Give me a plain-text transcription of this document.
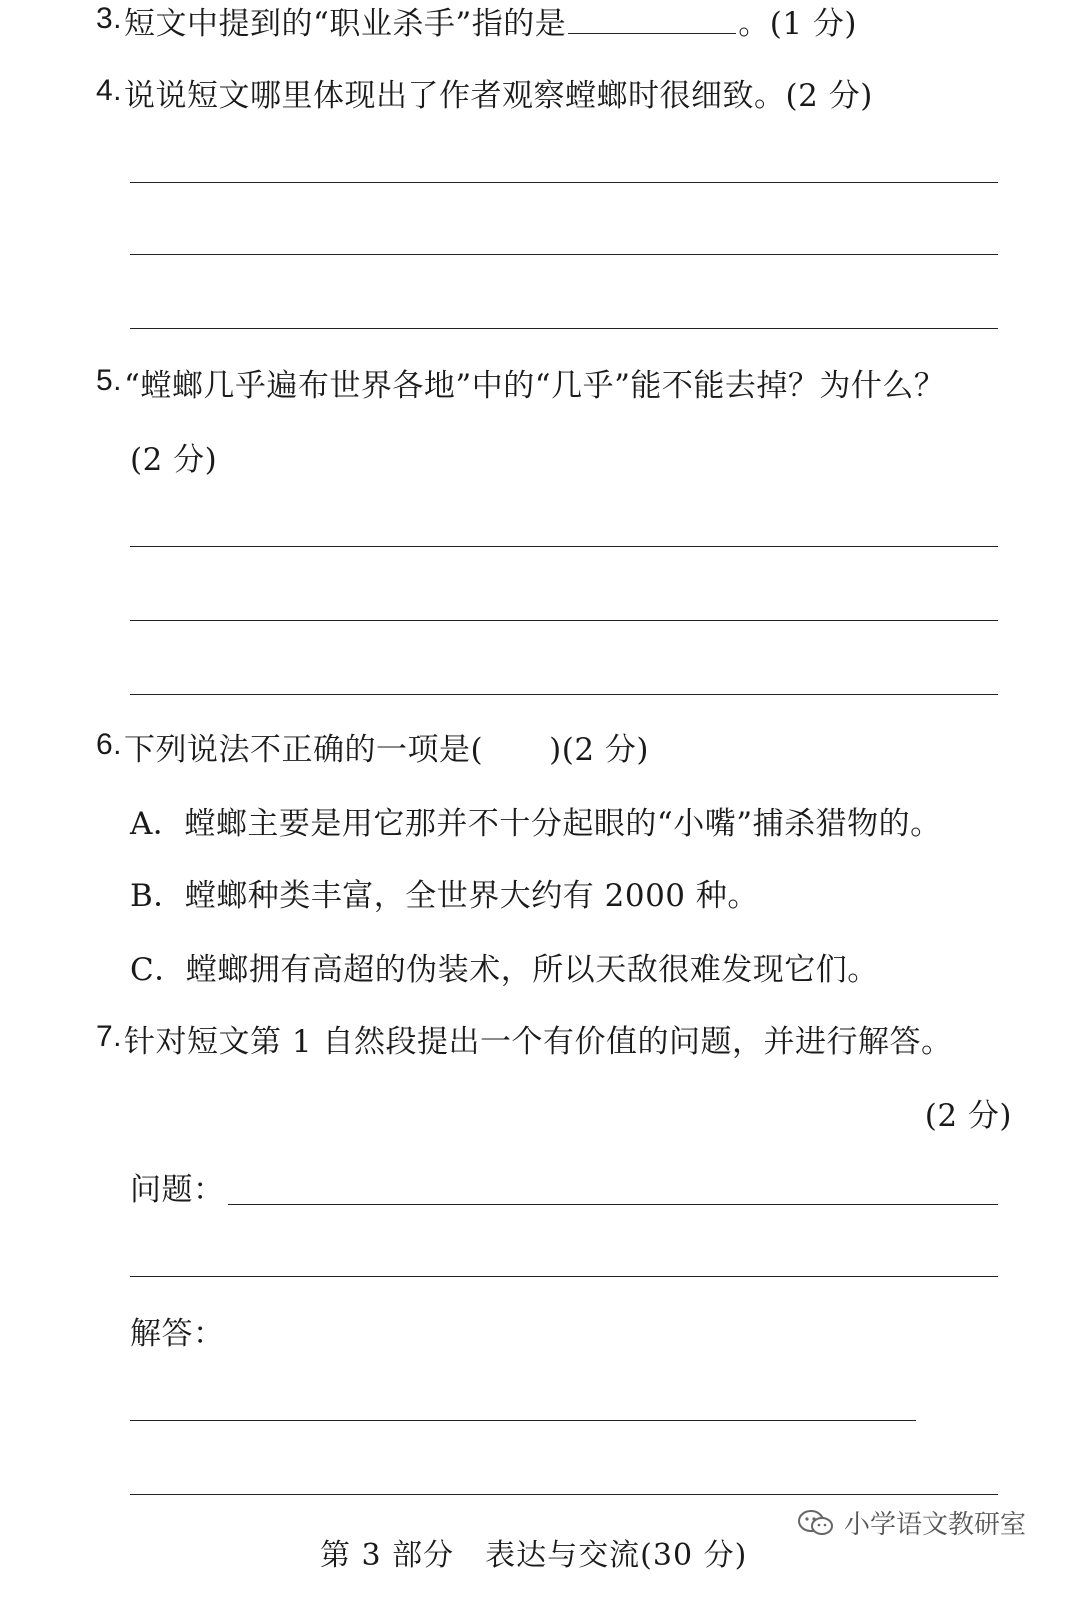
3.短文中提到的“职业杀手”指的是	。(1 分)
4.说说短文哪里体现出了作者观察螳螂时很细致。(2 分)
5.“螳螂几乎遍布世界各地”中的“几乎”能不能去掉？为什么？
(2 分)
6.下列说法不正确的一项是( )(2 分)
A．螳螂主要是用它那并不十分起眼的“小嘴”捕杀猎物的。
B．螳螂种类丰富，全世界大约有 2000 种。
C．螳螂拥有高超的伪装术，所以天敌很难发现它们。
7.针对短文第 1 自然段提出一个有价值的问题，并进行解答。
(2 分)
问题：
解答：
第 3 部分　表达与交流(30 分)
小学语文教研室
